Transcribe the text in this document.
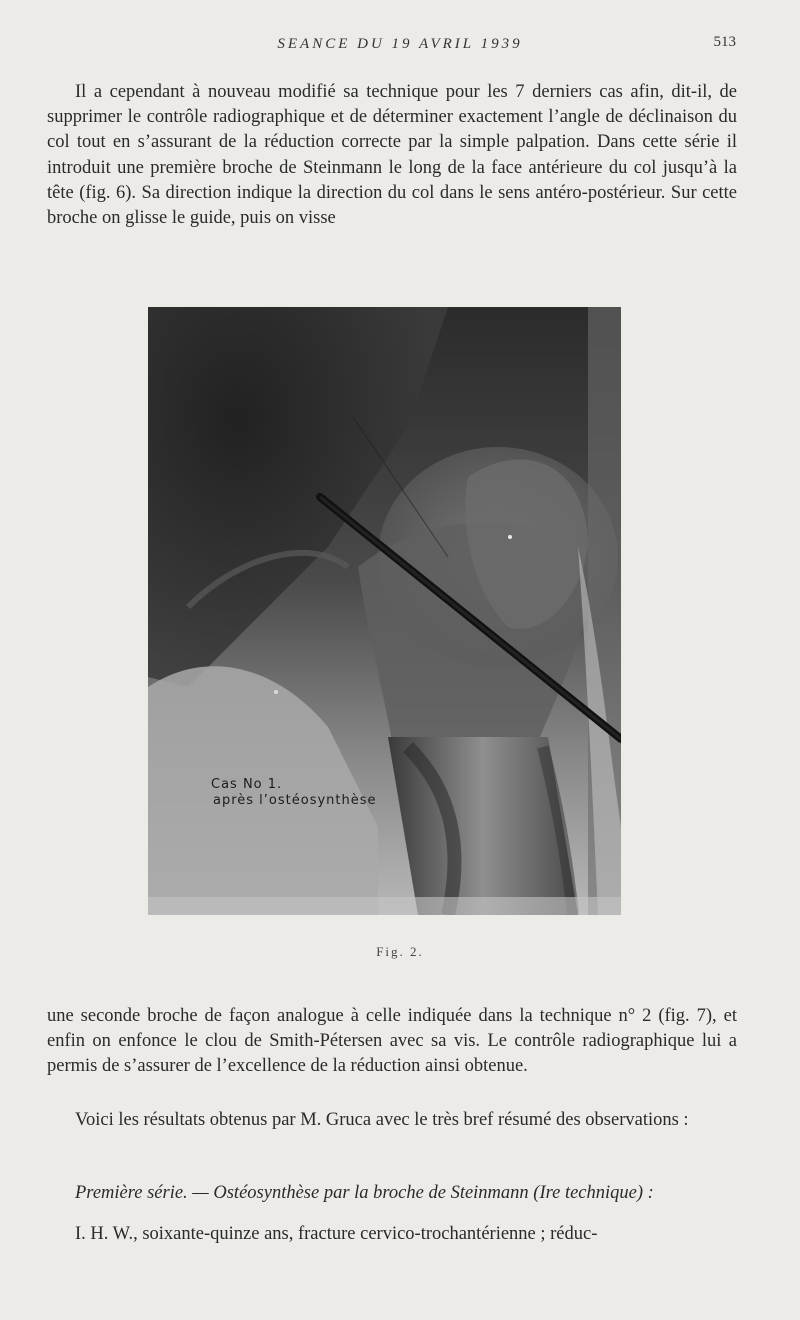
SEANCE DU 19 AVRIL 1939	513
Il a cependant à nouveau modifié sa technique pour les 7 derniers cas afin, dit-il, de supprimer le contrôle radiographique et de déterminer exactement l’angle de déclinaison du col tout en s’assurant de la réduction correcte par la simple palpation. Dans cette série il introduit une première broche de Steinmann le long de la face antérieure du col jusqu’à la tête (fig. 6). Sa direction indique la direction du col dans le sens antéro-postérieur. Sur cette broche on glisse le guide, puis on visse
Cas No 1.
après l’ostéosynthèse
Fig. 2.
une seconde broche de façon analogue à celle indiquée dans la technique n° 2 (fig. 7), et enfin on enfonce le clou de Smith-Pétersen avec sa vis. Le contrôle radiographique lui a permis de s’assurer de l’excellence de la réduction ainsi obtenue.
Voici les résultats obtenus par M. Gruca avec le très bref résumé des observations :
Première série. — Ostéosynthèse par la broche de Steinmann (Ire technique) :
I. H. W., soixante-quinze ans, fracture cervico-trochantérienne ; réduc-
